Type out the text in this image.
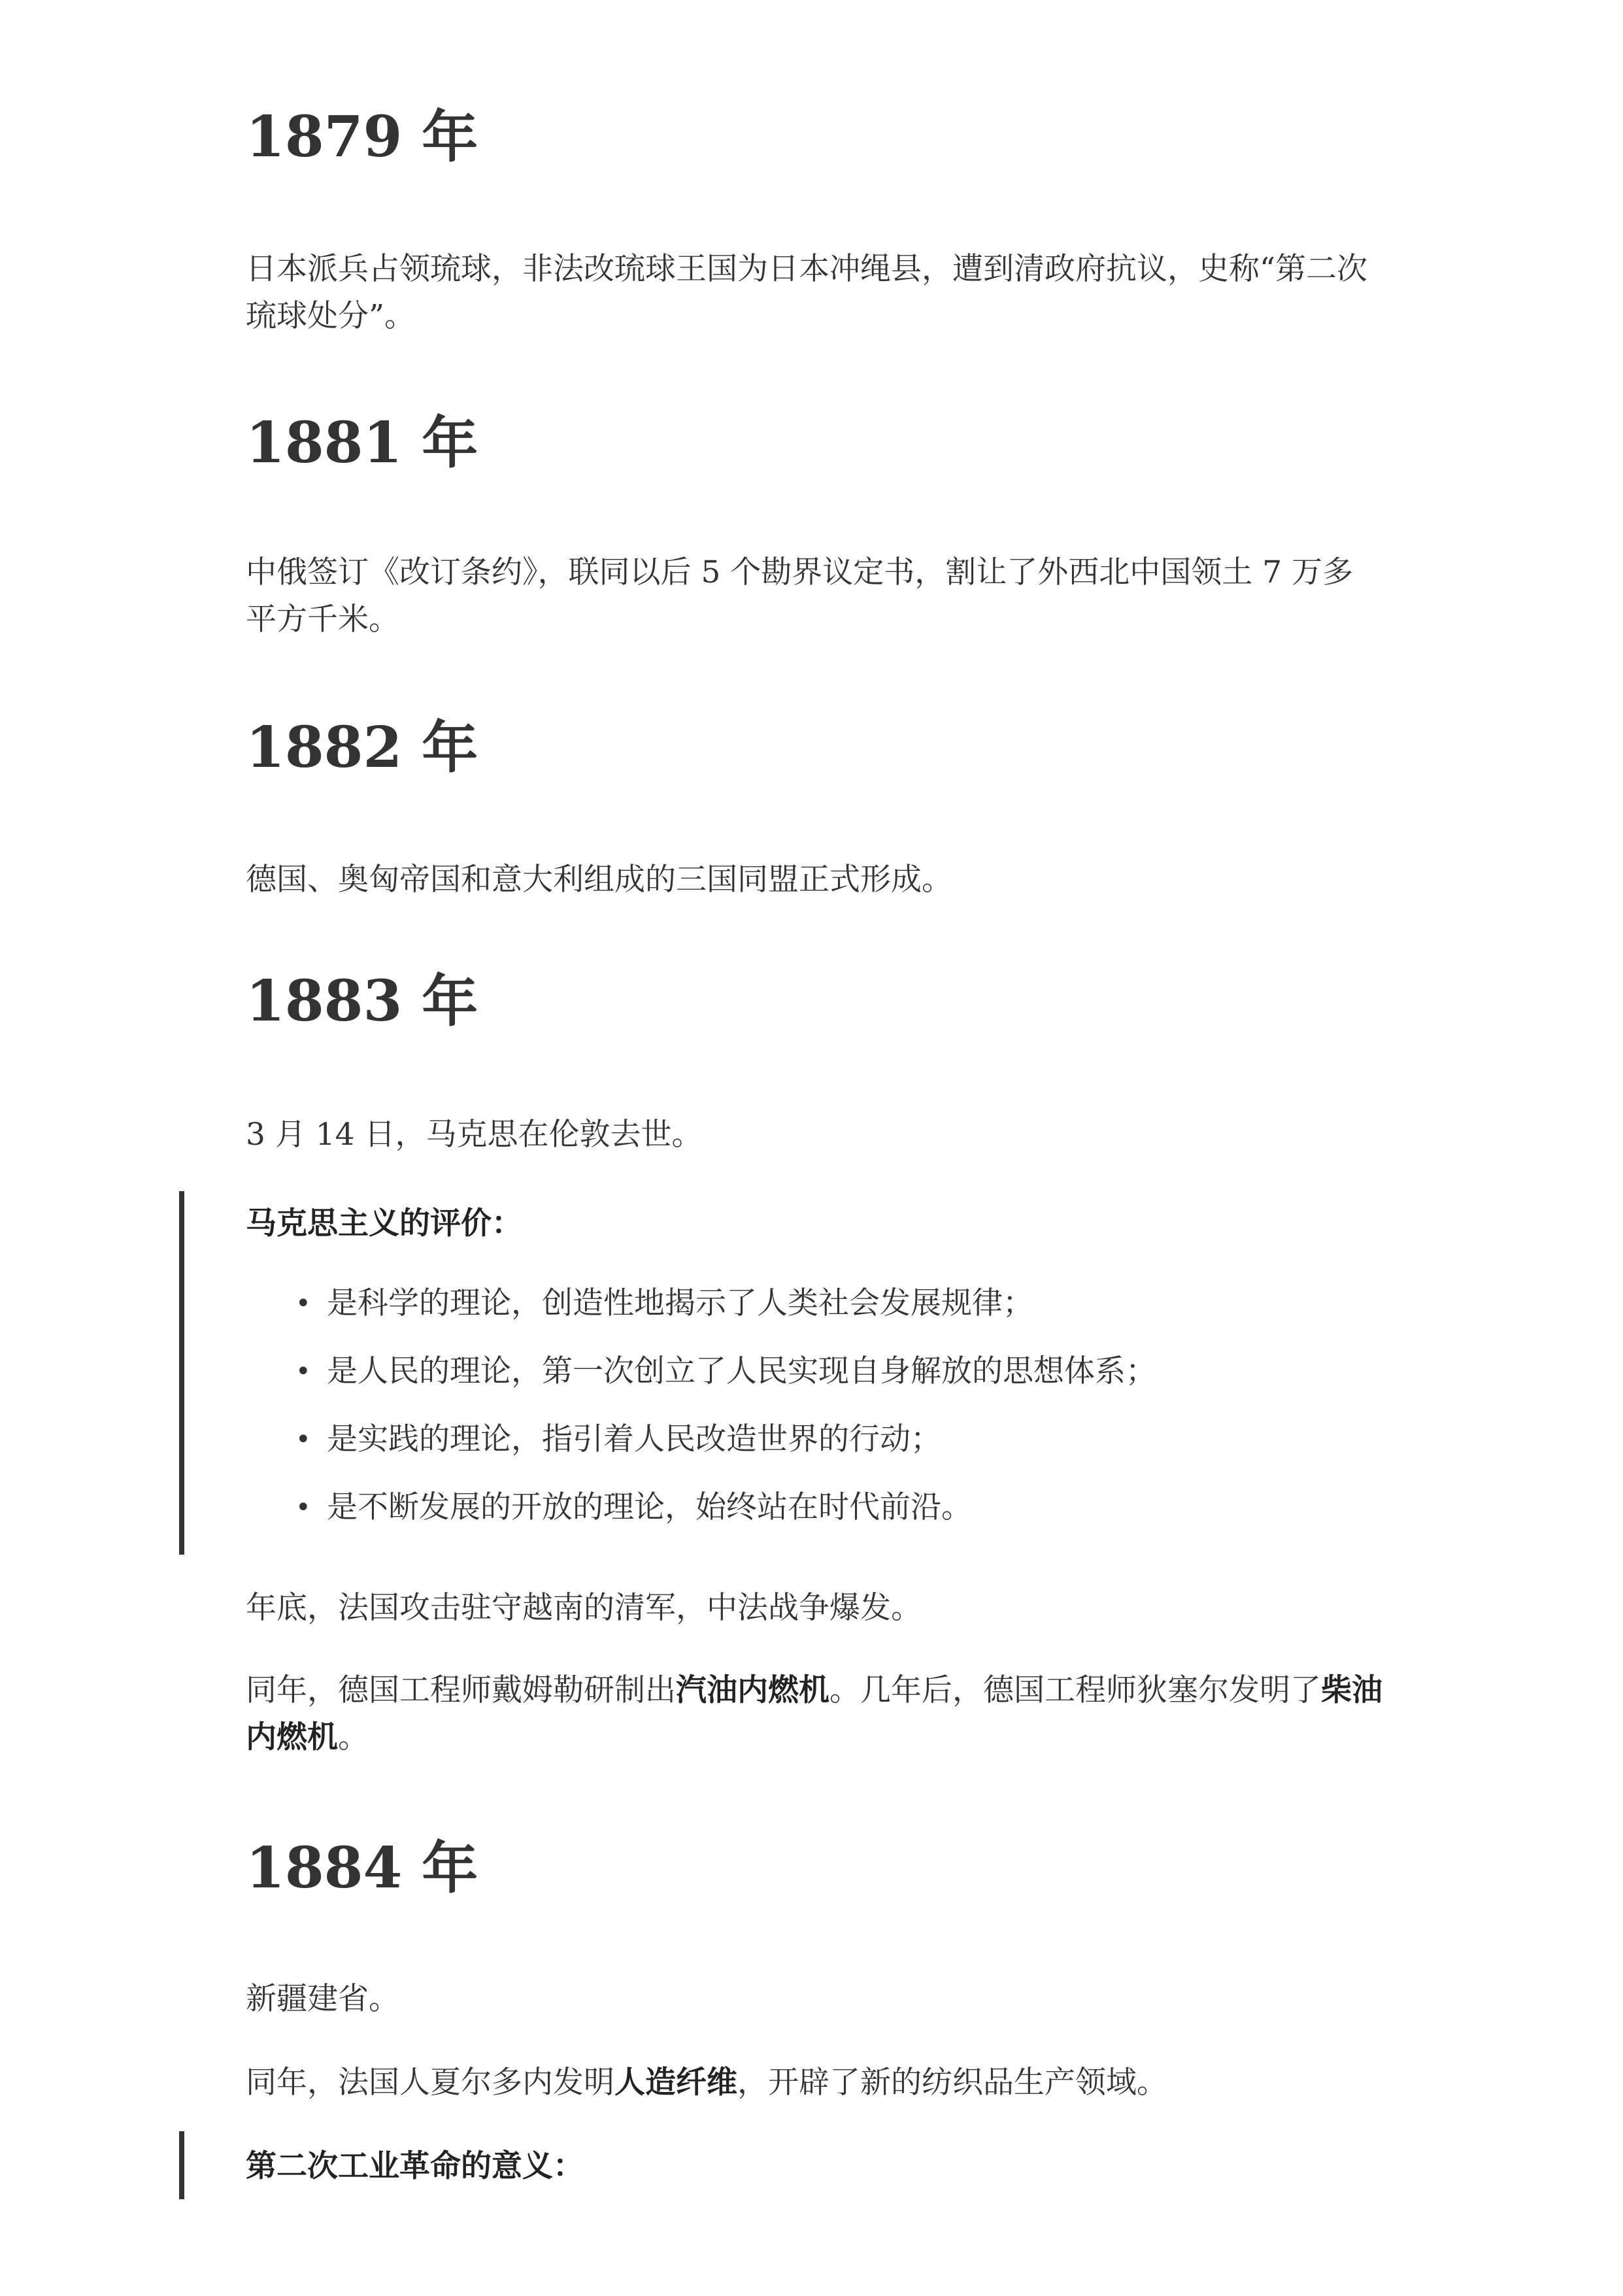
1879 年

日本派兵占领琉球，非法改琉球王国为日本冲绳县，遭到清政府抗议，史称“第二次琉球处分”。

1881 年

中俄签订《改订条约》，联同以后 5 个勘界议定书，割让了外西北中国领土 7 万多平方千米。

1882 年

德国、奥匈帝国和意大利组成的三国同盟正式形成。

1883 年

3 月 14 日，马克思在伦敦去世。

马克思主义的评价：

• 是科学的理论，创造性地揭示了人类社会发展规律；
• 是人民的理论，第一次创立了人民实现自身解放的思想体系；
• 是实践的理论，指引着人民改造世界的行动；
• 是不断发展的开放的理论，始终站在时代前沿。

年底，法国攻击驻守越南的清军，中法战争爆发。

同年，德国工程师戴姆勒研制出汽油内燃机。几年后，德国工程师狄塞尔发明了柴油内燃机。

1884 年

新疆建省。

同年，法国人夏尔多内发明人造纤维，开辟了新的纺织品生产领域。

第二次工业革命的意义：
